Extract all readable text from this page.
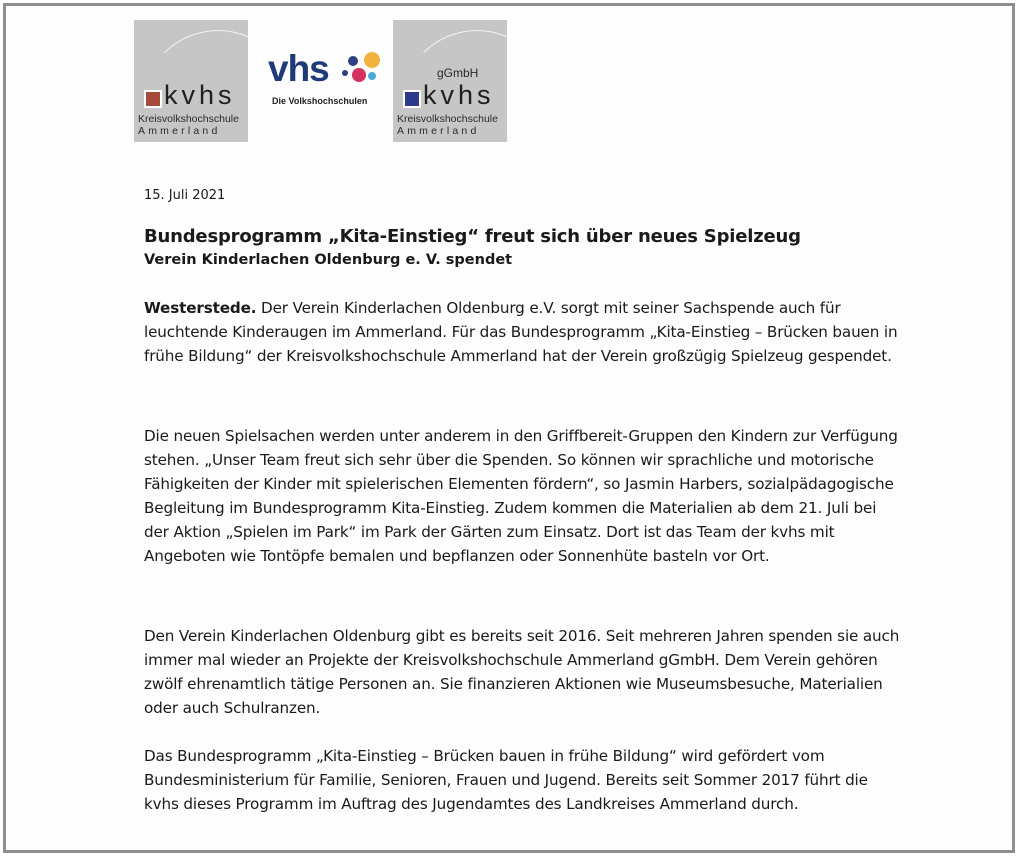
kvhs
Kreisvolkshochschule
Ammerland
vhs
Die Volkshochschulen
gGmbH
kvhs
Kreisvolkshochschule
Ammerland
15. Juli 2021
Bundesprogramm „Kita-Einstieg“ freut sich über neues Spielzeug
Verein Kinderlachen Oldenburg e. V. spendet

Westerstede. Der Verein Kinderlachen Oldenburg e.V. sorgt mit seiner Sachspende auch für leuchtende Kinderaugen im Ammerland. Für das Bundesprogramm „Kita-Einstieg – Brücken bauen in frühe Bildung“ der Kreisvolkshochschule Ammerland hat der Verein großzügig Spielzeug gespendet.

Die neuen Spielsachen werden unter anderem in den Griffbereit-Gruppen den Kindern zur Verfügung stehen. „Unser Team freut sich sehr über die Spenden. So können wir sprachliche und motorische Fähigkeiten der Kinder mit spielerischen Elementen fördern“, so Jasmin Harbers, sozialpädagogische Begleitung im Bundesprogramm Kita-Einstieg. Zudem kommen die Materialien ab dem 21. Juli bei der Aktion „Spielen im Park“ im Park der Gärten zum Einsatz. Dort ist das Team der kvhs mit Angeboten wie Tontöpfe bemalen und bepflanzen oder Sonnenhüte basteln vor Ort.

Den Verein Kinderlachen Oldenburg gibt es bereits seit 2016. Seit mehreren Jahren spenden sie auch immer mal wieder an Projekte der Kreisvolkshochschule Ammerland gGmbH. Dem Verein gehören zwölf ehrenamtlich tätige Personen an. Sie finanzieren Aktionen wie Museumsbesuche, Materialien oder auch Schulranzen.

Das Bundesprogramm „Kita-Einstieg – Brücken bauen in frühe Bildung“ wird gefördert vom Bundesministerium für Familie, Senioren, Frauen und Jugend. Bereits seit Sommer 2017 führt die kvhs dieses Programm im Auftrag des Jugendamtes des Landkreises Ammerland durch.
